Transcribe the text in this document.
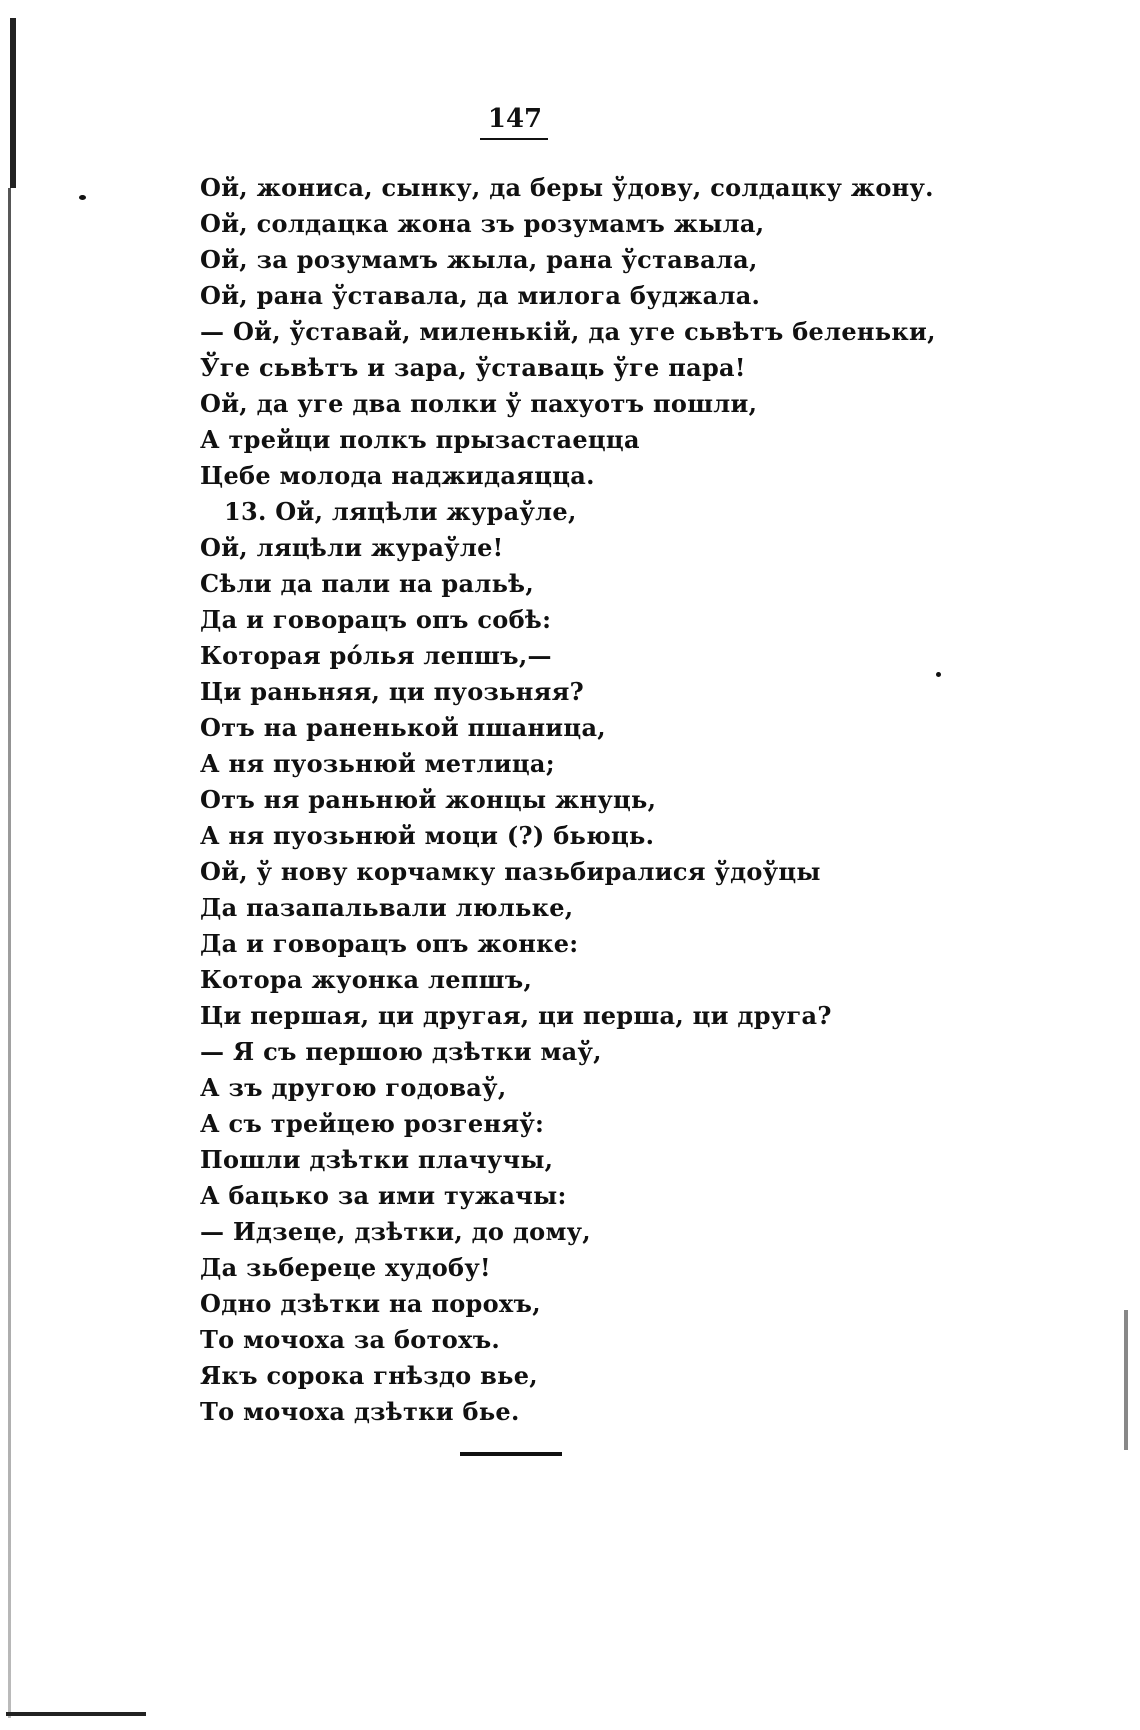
147
Ой, жониса, сынку, да беры ўдову, солдацку жону.
Ой, солдацка жона зъ розумамъ жыла,
Ой, за розумамъ жыла, рана ўставала,
Ой, рана ўставала, да милога буджала.
— Ой, ўставай, миленькій, да уге сьвѣтъ беленьки,
Ўге сьвѣтъ и зара, ўставаць ўге пара!
Ой, да уге два полки ў пахуотъ пошли,
А трейци полкъ прызастаецца
Цебе молода наджидаяцца.
13. Ой, ляцѣли жураўле,
Ой, ляцѣли жураўле!
Сѣли да пали на ральѣ,
Да и говорацъ опъ собѣ:
Которая рóлья лепшъ,—
Ци раньняя, ци пуозьняя?
Отъ на раненькой пшаница,
А ня пуозьнюй метлица;
Отъ ня раньнюй жонцы жнуць,
А ня пуозьнюй моци (?) бьюць.
Ой, ў нову корчамку пазьбиралися ўдоўцы
Да пазапальвали люльке,
Да и говорацъ опъ жонке:
Котора жуонка лепшъ,
Ци першая, ци другая, ци перша, ци друга?
— Я съ першою дзѣтки маў,
А зъ другою годоваў,
А съ трейцею розгеняў:
Пошли дзѣтки плачучы,
А бацько за ими тужачы:
— Идзеце, дзѣтки, до дому,
Да зьбереце худобу!
Одно дзѣтки на порохъ,
То мочоха за ботохъ.
Якъ сорока гнѣздо вье,
То мочоха дзѣтки бье.
